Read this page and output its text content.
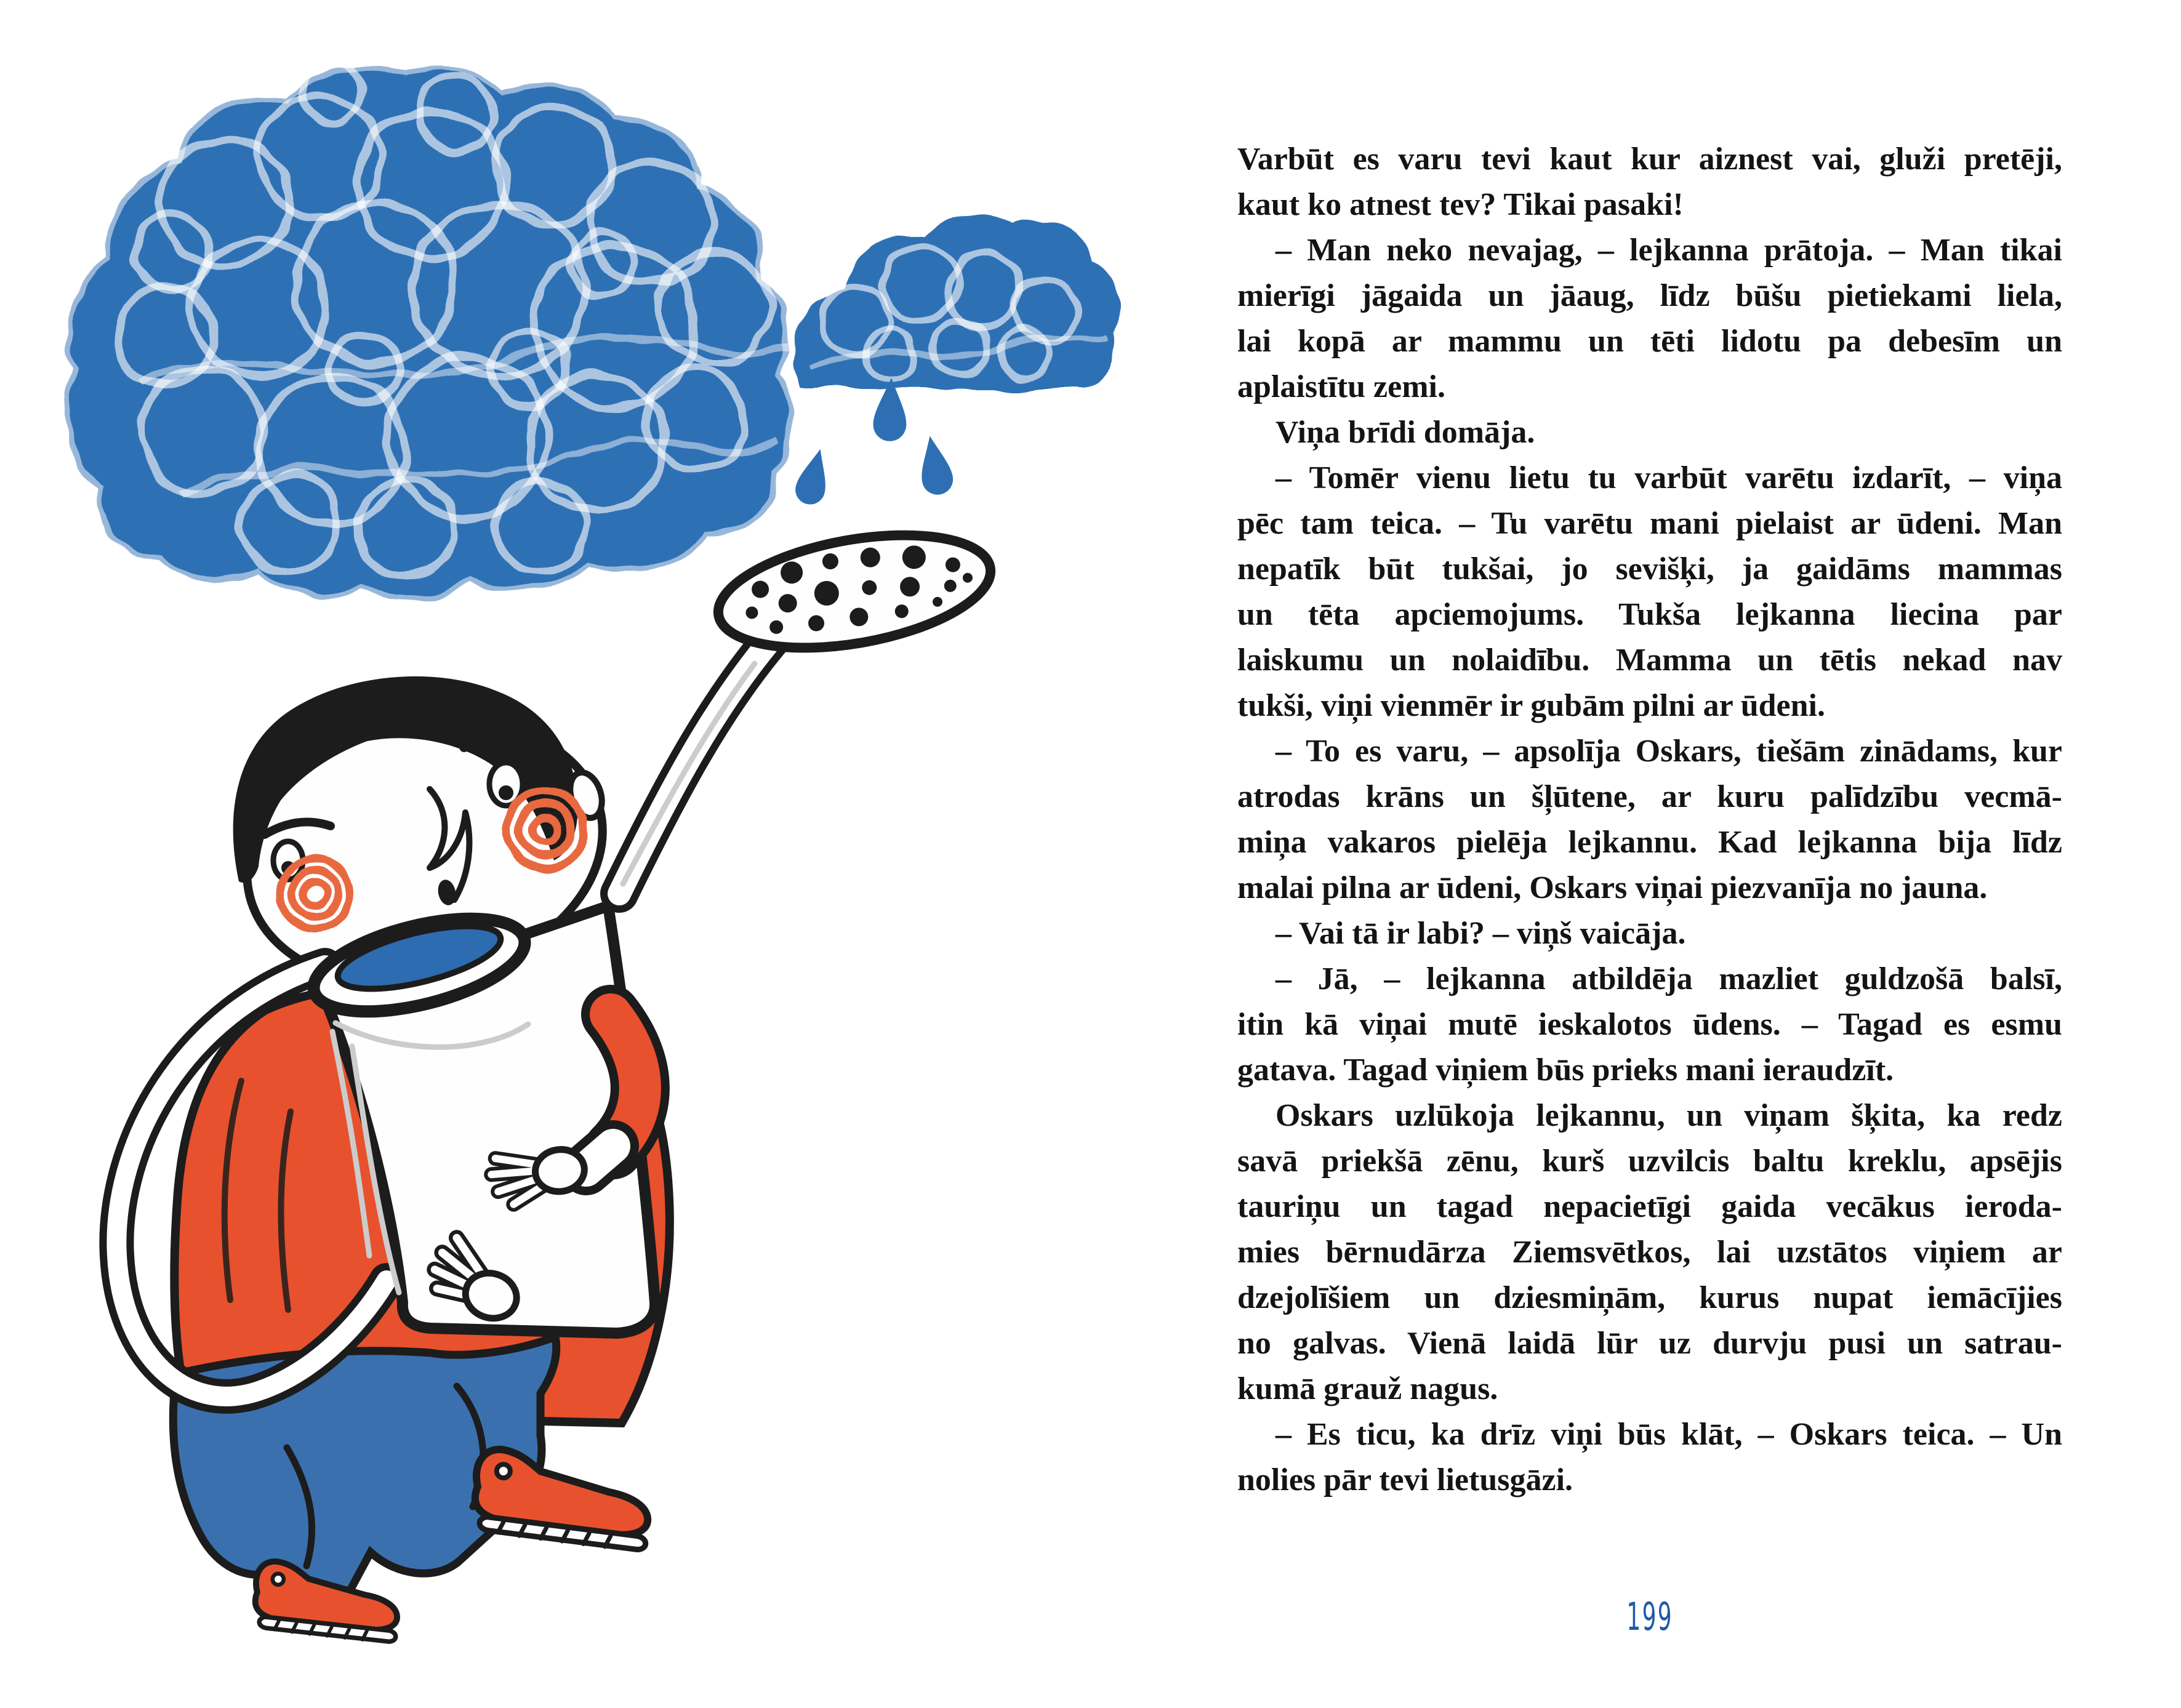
Varbūt es varu tevi kaut kur aiznest vai, gluži pretēji,
kaut ko atnest tev? Tikai pasaki!
– Man neko nevajag, – lejkanna prātoja. – Man tikai
mierīgi jāgaida un jāaug, līdz būšu pietiekami liela,
lai kopā ar mammu un tēti lidotu pa debesīm un
aplaistītu zemi.
Viņa brīdi domāja.
– Tomēr vienu lietu tu varbūt varētu izdarīt, – viņa
pēc tam teica. – Tu varētu mani pielaist ar ūdeni. Man
nepatīk būt tukšai, jo sevišķi, ja gaidāms mammas
un tēta apciemojums. Tukša lejkanna liecina par
laiskumu un nolaidību. Mamma un tētis nekad nav
tukši, viņi vienmēr ir gubām pilni ar ūdeni.
– To es varu, – apsolīja Oskars, tiešām zinādams, kur
atrodas krāns un šļūtene, ar kuru palīdzību vecmā-
miņa vakaros pielēja lejkannu. Kad lejkanna bija līdz
malai pilna ar ūdeni, Oskars viņai piezvanīja no jauna.
– Vai tā ir labi? – viņš vaicāja.
– Jā, – lejkanna atbildēja mazliet guldzošā balsī,
itin kā viņai mutē ieskalotos ūdens. – Tagad es esmu
gatava. Tagad viņiem būs prieks mani ieraudzīt.
Oskars uzlūkoja lejkannu, un viņam šķita, ka redz
savā priekšā zēnu, kurš uzvilcis baltu kreklu, apsējis
tauriņu un tagad nepacietīgi gaida vecākus ieroda-
mies bērnudārza Ziemsvētkos, lai uzstātos viņiem ar
dzejolīšiem un dziesmiņām, kurus nupat iemācījies
no galvas. Vienā laidā lūr uz durvju pusi un satrau-
kumā grauž nagus.
– Es ticu, ka drīz viņi būs klāt, – Oskars teica. – Un
nolies pār tevi lietusgāzi.
199
